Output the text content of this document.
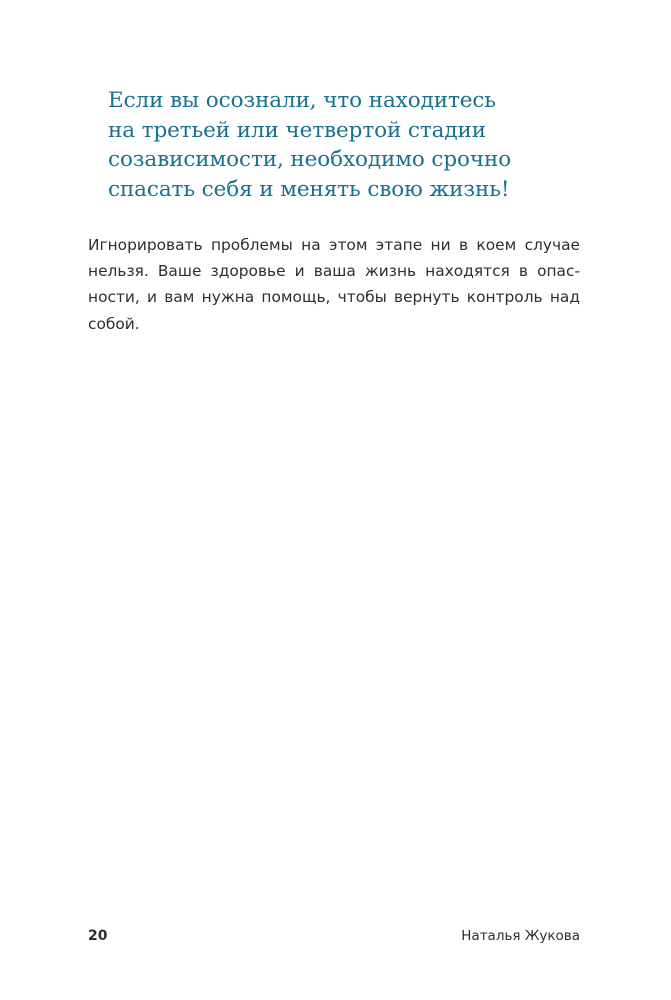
Если вы осознали, что находитесь
на третьей или четвертой стадии
созависимости, необходимо срочно
спасать себя и менять свою жизнь!
Игнорировать проблемы на этом этапе ни в коем случае
нельзя. Ваше здоровье и ваша жизнь находятся в опас-
ности, и вам нужна помощь, чтобы вернуть контроль над
собой.
20	Наталья Жукова
